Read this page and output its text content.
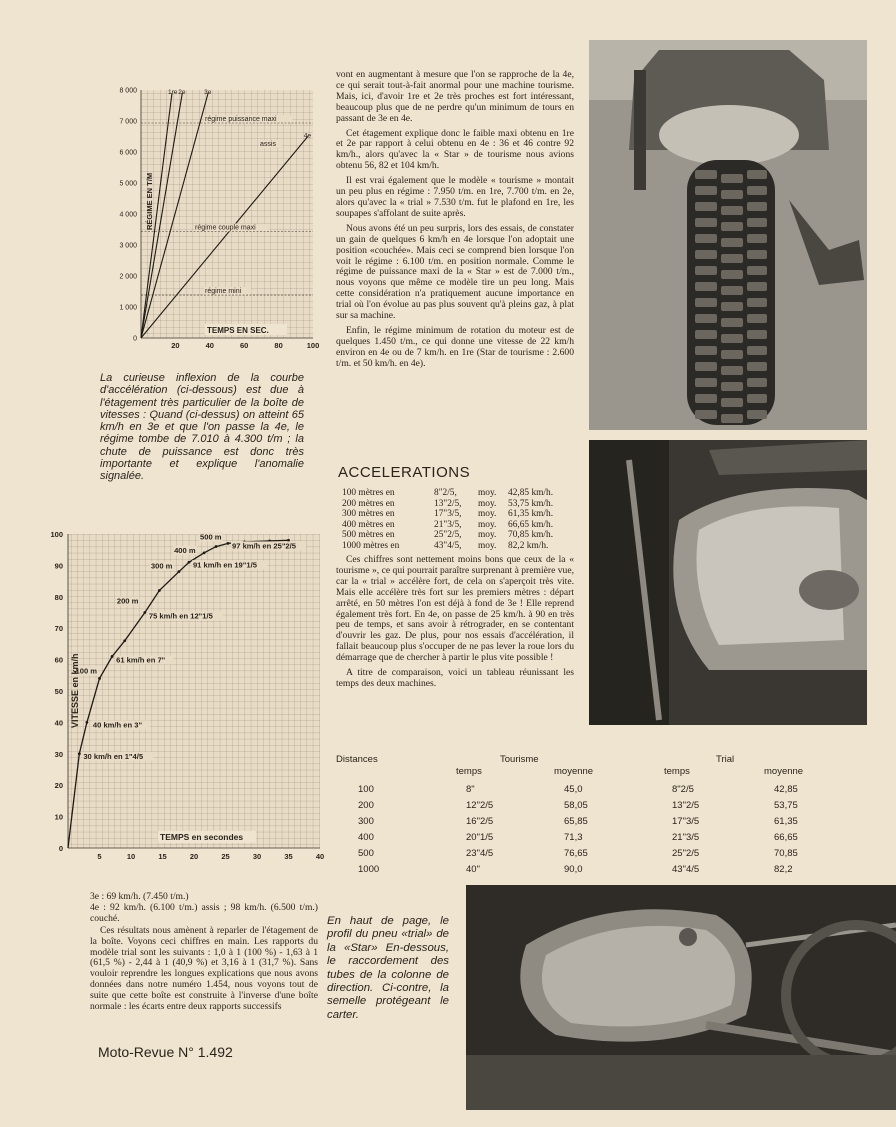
0
1 000
2 000
3 000
4 000
5 000
6 000
7 000
8 000
20	40	60	80	100
1re 2e	3e
4e
régime puissance maxi
assis
régime couple maxi
régime mini
TEMPS EN SEC.
RÉGIME EN T/M
La curieuse inflexion de la courbe d'accélération (ci-dessous) est due à l'étagement très particulier de la boîte de vitesses : Quand (ci-dessus) on atteint 65 km/h en 3e et que l'on passe la 4e, le régime tombe de 7.010 à 4.300 t/m ; la chute de puissance est donc très importante et explique l'anomalie signalée.
0
10
20
30
40
50
60
70
80
90
100
5	10	15	20	25	30	35	40
30 km/h en 1"4/5
40 km/h en 3"
61 km/h en 7"
75 km/h en 12"1/5
91 km/h en 19"1/5
97 km/h en 25"2/5
100 m
200 m
300 m
400 m
500 m
TEMPS en secondes
VITESSE en km/h

vont en augmentant à mesure que l'on se rapproche de la 4e, ce qui serait tout-à-fait anormal pour une machine tourisme. Mais, ici, d'avoir 1re et 2e très proches est fort intéressant, beaucoup plus que de ne perdre qu'un minimum de tours en passant de 3e en 4e.

Cet étagement explique donc le faible maxi obtenu en 1re et 2e par rapport à celui obtenu en 4e : 36 et 46 contre 92 km/h., alors qu'avec la « Star » de tourisme nous avions obtenu 56, 82 et 104 km/h.

Il est vrai également que le modèle « tourisme » montait un peu plus en régime : 7.950 t/m. en 1re, 7.700 t/m. en 2e, alors qu'avec la « trial » 7.530 t/m. fut le plafond en 1re, les soupapes s'affolant de suite après.

Nous avons été un peu surpris, lors des essais, de constater un gain de quelques 6 km/h en 4e lorsque l'on adoptait une position «couchée». Mais ceci se comprend bien lorsque l'on voit le régime : 6.100 t/m. en position normale. Comme le régime de puissance maxi de la « Star » est de 7.000 t/m., nous voyons que même ce modèle tire un peu long. Mais cette considération n'a pratiquement aucune importance en trial où l'on évolue au pas plus souvent qu'à pleins gaz, à plat sur sa machine.

Enfin, le régime minimum de rotation du moteur est de quelques 1.450 t/m., ce qui donne une vitesse de 22 km/h environ en 4e ou de 7 km/h. en 1re (Star de tourisme : 2.600 t/m. et 50 km/h. en 4e).

ACCELERATIONS
100 mètres en	8"2/5,	moy.	42,85 km/h.
200 mètres en	13"2/5,	moy.	53,75 km/h.
300 mètres en	17"3/5,	moy.	61,35 km/h.
400 mètres en	21"3/5,	moy.	66,65 km/h.
500 mètres en	25"2/5,	moy.	70,85 km/h.
1000 mètres en	43"4/5,	moy.	82,2 km/h.

Ces chiffres sont nettement moins bons que ceux de la « tourisme », ce qui pourrait paraître surprenant à première vue, car la « trial » accélère fort, de cela on s'aperçoit très vite. Mais elle accélère très fort sur les premiers mètres : départ arrêté, en 50 mètres l'on est déjà à fond de 3e ! Elle reprend également très fort. En 4e, on passe de 25 km/h. à 90 en très peu de temps, et sans avoir à rétrograder, en se contentant d'ouvrir les gaz. De plus, pour nos essais d'accélération, il fallait beaucoup plus s'occuper de ne pas lever la roue lors du démarrage que de chercher à partir le plus vite possible !

A titre de comparaison, voici un tableau réunissant les temps des deux machines.

Distances	Tourisme	Trial
temps	moyenne	temps	moyenne
100	8"	45,0	8"2/5	42,85
200	12"2/5	58,05	13"2/5	53,75
300	16"2/5	65,85	17"3/5	61,35
400	20"1/5	71,3	21"3/5	66,65
500	23"4/5	76,65	25"2/5	70,85
1000	40"	90,0	43"4/5	82,2

3e : 69 km/h. (7.450 t/m.)

4e : 92 km/h. (6.100 t/m.) assis ; 98 km/h. (6.500 t/m.) couché.

Ces résultats nous amènent à reparler de l'étagement de la boîte. Voyons ceci chiffres en main. Les rapports du modèle trial sont les suivants : 1,0 à 1 (100 %) - 1,63 à 1 (61,5 %) - 2,44 à 1 (40,9 %) et 3,16 à 1 (31,7 %). Sans vouloir reprendre les longues explications que nous avons données dans notre numéro 1.454, nous voyons tout de suite que cette boîte est construite à l'inverse d'une boîte normale : les écarts entre deux rapports successifs

En haut de page, le profil du pneu «trial» de la «Star» En-dessous, le raccordement des tubes de la colonne de direction. Ci-contre, la semelle protégeant le carter.
Moto-Revue N° 1.492
